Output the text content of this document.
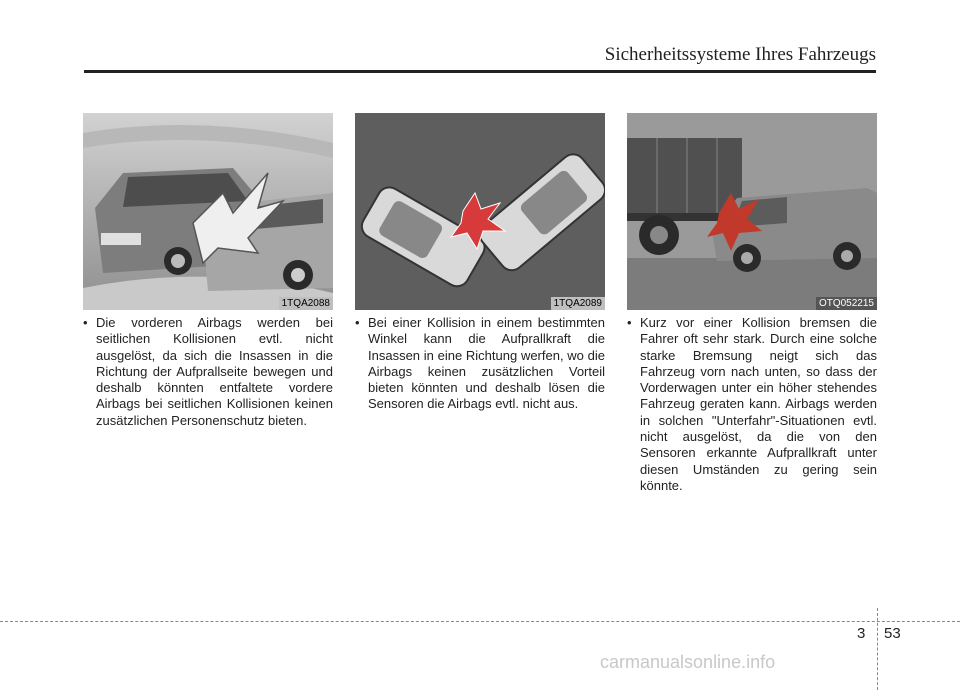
Sicherheitssysteme Ihres Fahrzeugs
1TQA2088	1TQA2089	OTQ052215
• Die vorderen Airbags werden bei seitlichen Kollisionen evtl. nicht ausgelöst, da sich die Insassen in die Richtung der Aufprallseite bewegen und deshalb könnten entfaltete vordere Airbags bei seitlichen Kollisionen keinen zusätzlichen Personenschutz bieten.
• Bei einer Kollision in einem bestimmten Winkel kann die Aufprallkraft die Insassen in eine Richtung werfen, wo die Airbags keinen zusätzlichen Vorteil bieten könnten und deshalb lösen die Sensoren die Airbags evtl. nicht aus.
• Kurz vor einer Kollision bremsen die Fahrer oft sehr stark. Durch eine solche starke Bremsung neigt sich das Fahrzeug vorn nach unten, so dass der Vorderwagen unter ein höher stehendes Fahrzeug geraten kann. Airbags werden in solchen "Unterfahr"-Situationen evtl. nicht ausgelöst, da die von den Sensoren erkannte Aufprallkraft unter diesen Umständen zu gering sein könnte.
3 53
carmanualsonline.info
